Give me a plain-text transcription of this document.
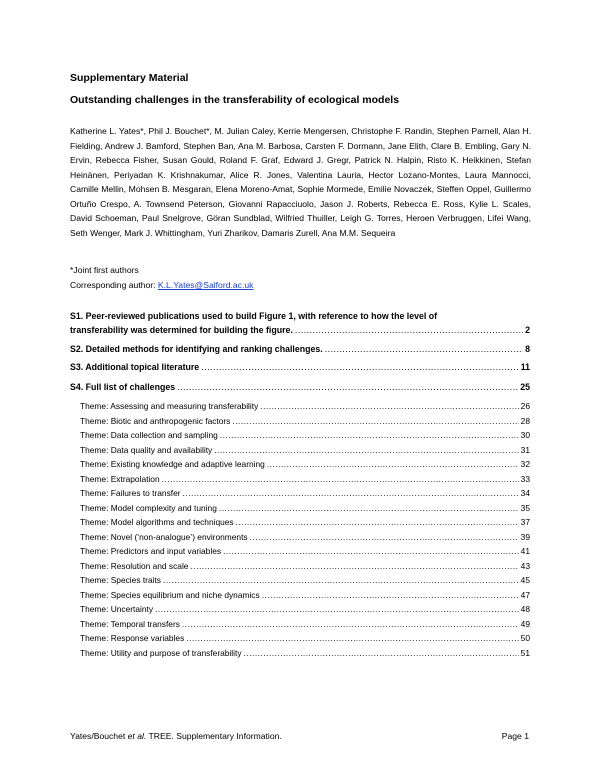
Supplementary Material
Outstanding challenges in the transferability of ecological models
Katherine L. Yates*, Phil J. Bouchet*, M. Julian Caley, Kerrie Mengersen, Christophe F. Randin, Stephen Parnell, Alan H. Fielding, Andrew J. Bamford, Stephen Ban, Ana M. Barbosa, Carsten F. Dormann, Jane Elith, Clare B. Embling, Gary N. Ervin, Rebecca Fisher, Susan Gould, Roland F. Graf, Edward J. Gregr, Patrick N. Halpin, Risto K. Heikkinen, Stefan Heinänen, Periyadan K. Krishnakumar, Alice R. Jones, Valentina Lauria, Hector Lozano-Montes, Laura Mannocci, Camille Mellin, Mohsen B. Mesgaran, Elena Moreno-Amat, Sophie Mormede, Emilie Novaczek, Steffen Oppel, Guillermo Ortuño Crespo, A. Townsend Peterson, Giovanni Rapacciuolo, Jason J. Roberts, Rebecca E. Ross, Kylie L. Scales, David Schoeman, Paul Snelgrove, Göran Sundblad, Wilfried Thuiller, Leigh G. Torres, Heroen Verbruggen, Lifei Wang, Seth Wenger, Mark J. Whittingham, Yuri Zharikov, Damaris Zurell, Ana M.M. Sequeira
*Joint first authors
Corresponding author: K.L.Yates@Salford.ac.uk
S1. Peer-reviewed publications used to build Figure 1, with reference to how the level of
transferability was determined for building the figure. .....	2
S2. Detailed methods for identifying and ranking challenges. .....	8
S3. Additional topical literature .....	11
S4. Full list of challenges .....	25
Theme: Assessing and measuring transferability .....	26
Theme: Biotic and anthropogenic factors .....	28
Theme: Data collection and sampling .....	30
Theme: Data quality and availability .....	31
Theme: Existing knowledge and adaptive learning .....	32
Theme: Extrapolation .....	33
Theme: Failures to transfer .....	34
Theme: Model complexity and tuning .....	35
Theme: Model algorithms and techniques .....	37
Theme: Novel (‘non-analogue’) environments .....	39
Theme: Predictors and input variables .....	41
Theme: Resolution and scale .....	43
Theme: Species traits .....	45
Theme: Species equilibrium and niche dynamics .....	47
Theme: Uncertainty .....	48
Theme: Temporal transfers .....	49
Theme: Response variables .....	50
Theme: Utility and purpose of transferability .....	51
Yates/Bouchet et al. TREE. Supplementary Information.	Page 1
